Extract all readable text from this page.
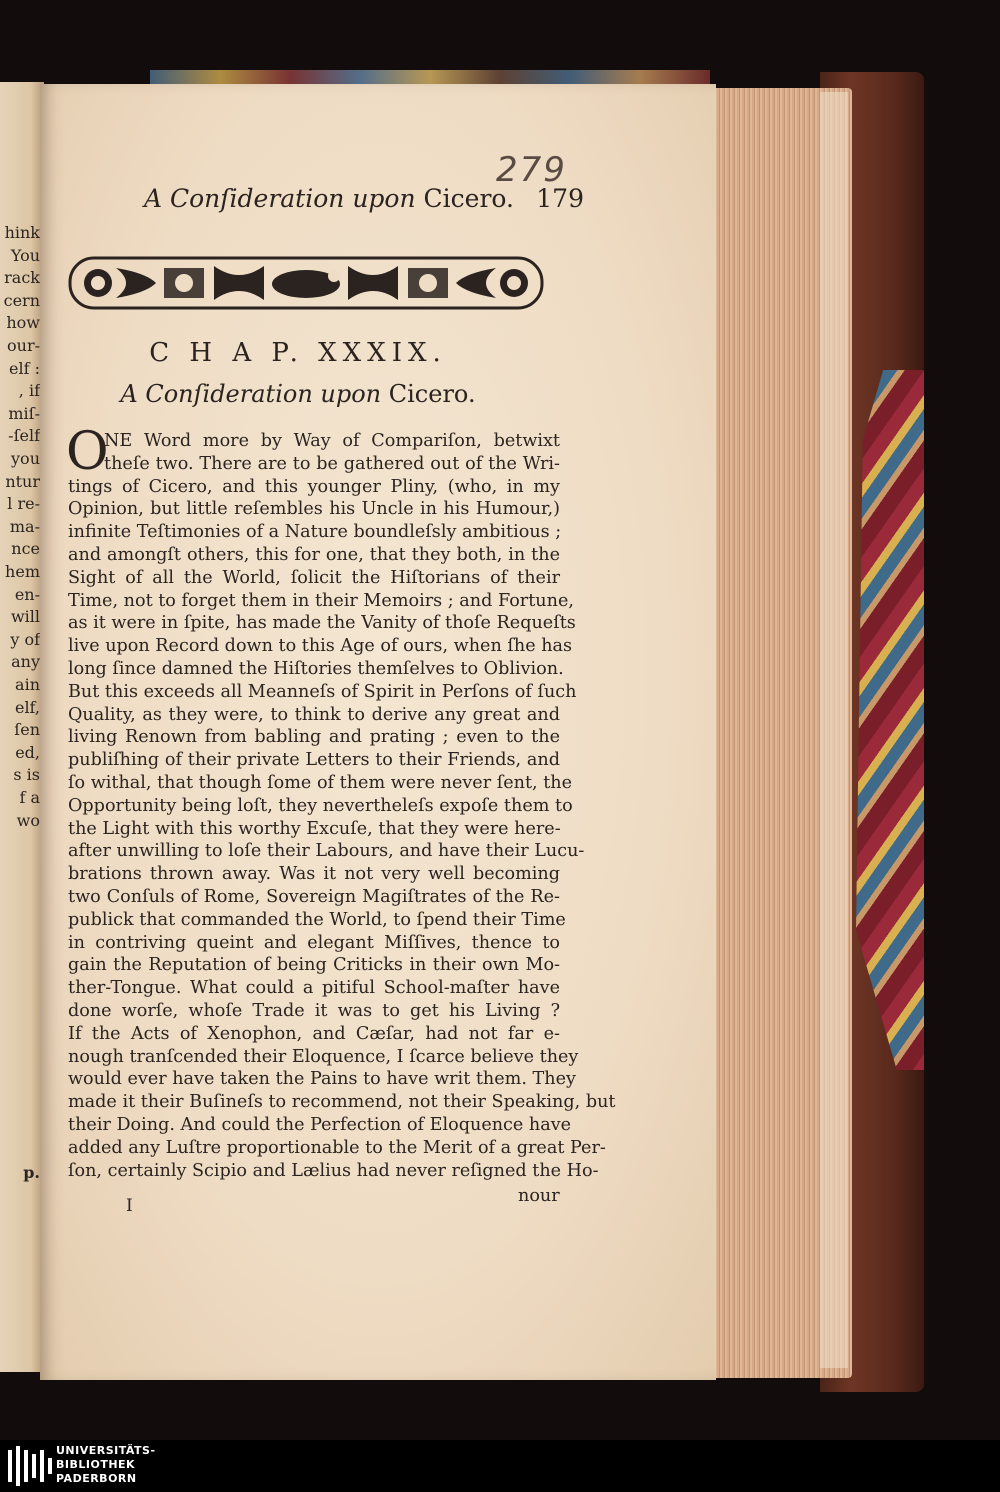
hink
You
rack
cern
how
our-
elf :
, if
miſ-
-ſelf
you
ntur
l re-
ma-
nce
hem
en-
will
y of
any
ain
elf,
ſen
ed,
s is
f a
wo
p.
279
A Conſideration upon Cicero. 179
C H A P. XXXIX.
A Conſideration upon Cicero.
O
NE Word more by Way of Compariſon, betwixt
theſe two. There are to be gathered out of the Wri-
tings of Cicero, and this younger Pliny, (who, in my
Opinion, but little reſembles his Uncle in his Humour,)
infinite Teſtimonies of a Nature boundleſsly ambitious ;
and amongſt others, this for one, that they both, in the
Sight of all the World, ſolicit the Hiſtorians of their
Time, not to forget them in their Memoirs ; and Fortune,
as it were in ſpite, has made the Vanity of thoſe Requeſts
live upon Record down to this Age of ours, when ſhe has
long ſince damned the Hiſtories themſelves to Oblivion.
But this exceeds all Meanneſs of Spirit in Perſons of ſuch
Quality, as they were, to think to derive any great and
living Renown from babling and prating ; even to the
publiſhing of their private Letters to their Friends, and
ſo withal, that though ſome of them were never ſent, the
Opportunity being loſt, they nevertheleſs expoſe them to
the Light with this worthy Excuſe, that they were here-
after unwilling to loſe their Labours, and have their Lucu-
brations thrown away. Was it not very well becoming
two Conſuls of Rome, Sovereign Magiſtrates of the Re-
publick that commanded the World, to ſpend their Time
in contriving queint and elegant Miſſives, thence to
gain the Reputation of being Criticks in their own Mo-
ther-Tongue. What could a pitiful School-maſter have
done worſe, whoſe Trade it was to get his Living ?
If the Acts of Xenophon, and Cæſar, had not far e-
nough tranſcended their Eloquence, I ſcarce believe they
would ever have taken the Pains to have writ them. They
made it their Buſineſs to recommend, not their Speaking, but
their Doing. And could the Perfection of Eloquence have
added any Luſtre proportionable to the Merit of a great Per-
ſon, certainly Scipio and Lælius had never reſigned the Ho-
I	nour
UNIVERSITÄTS-
BIBLIOTHEK
PADERBORN
